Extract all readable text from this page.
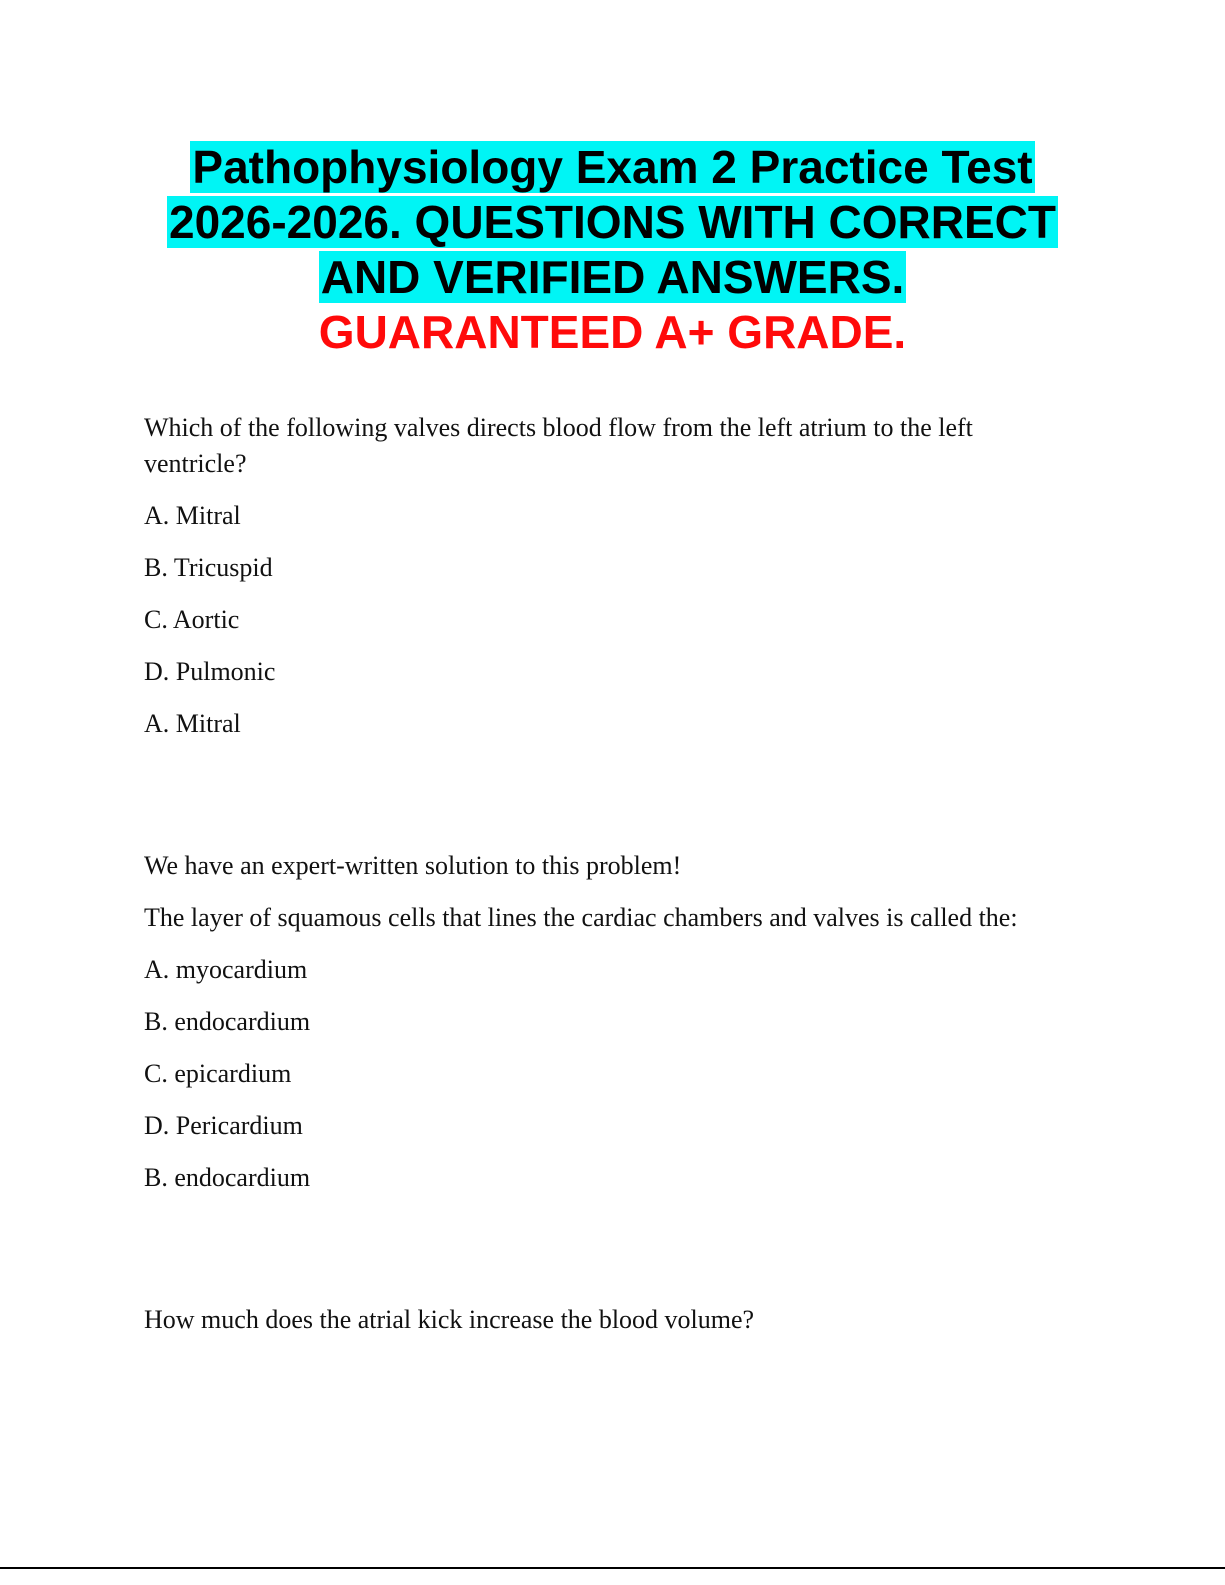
Pathophysiology Exam 2 Practice Test
2026-2026. QUESTIONS WITH CORRECT
AND VERIFIED ANSWERS.
GUARANTEED A+ GRADE.

Which of the following valves directs blood flow from the left atrium to the left ventricle?

A. Mitral

B. Tricuspid

C. Aortic

D. Pulmonic

A. Mitral

We have an expert-written solution to this problem!

The layer of squamous cells that lines the cardiac chambers and valves is called the:

A. myocardium

B. endocardium

C. epicardium

D. Pericardium

B. endocardium

How much does the atrial kick increase the blood volume?
